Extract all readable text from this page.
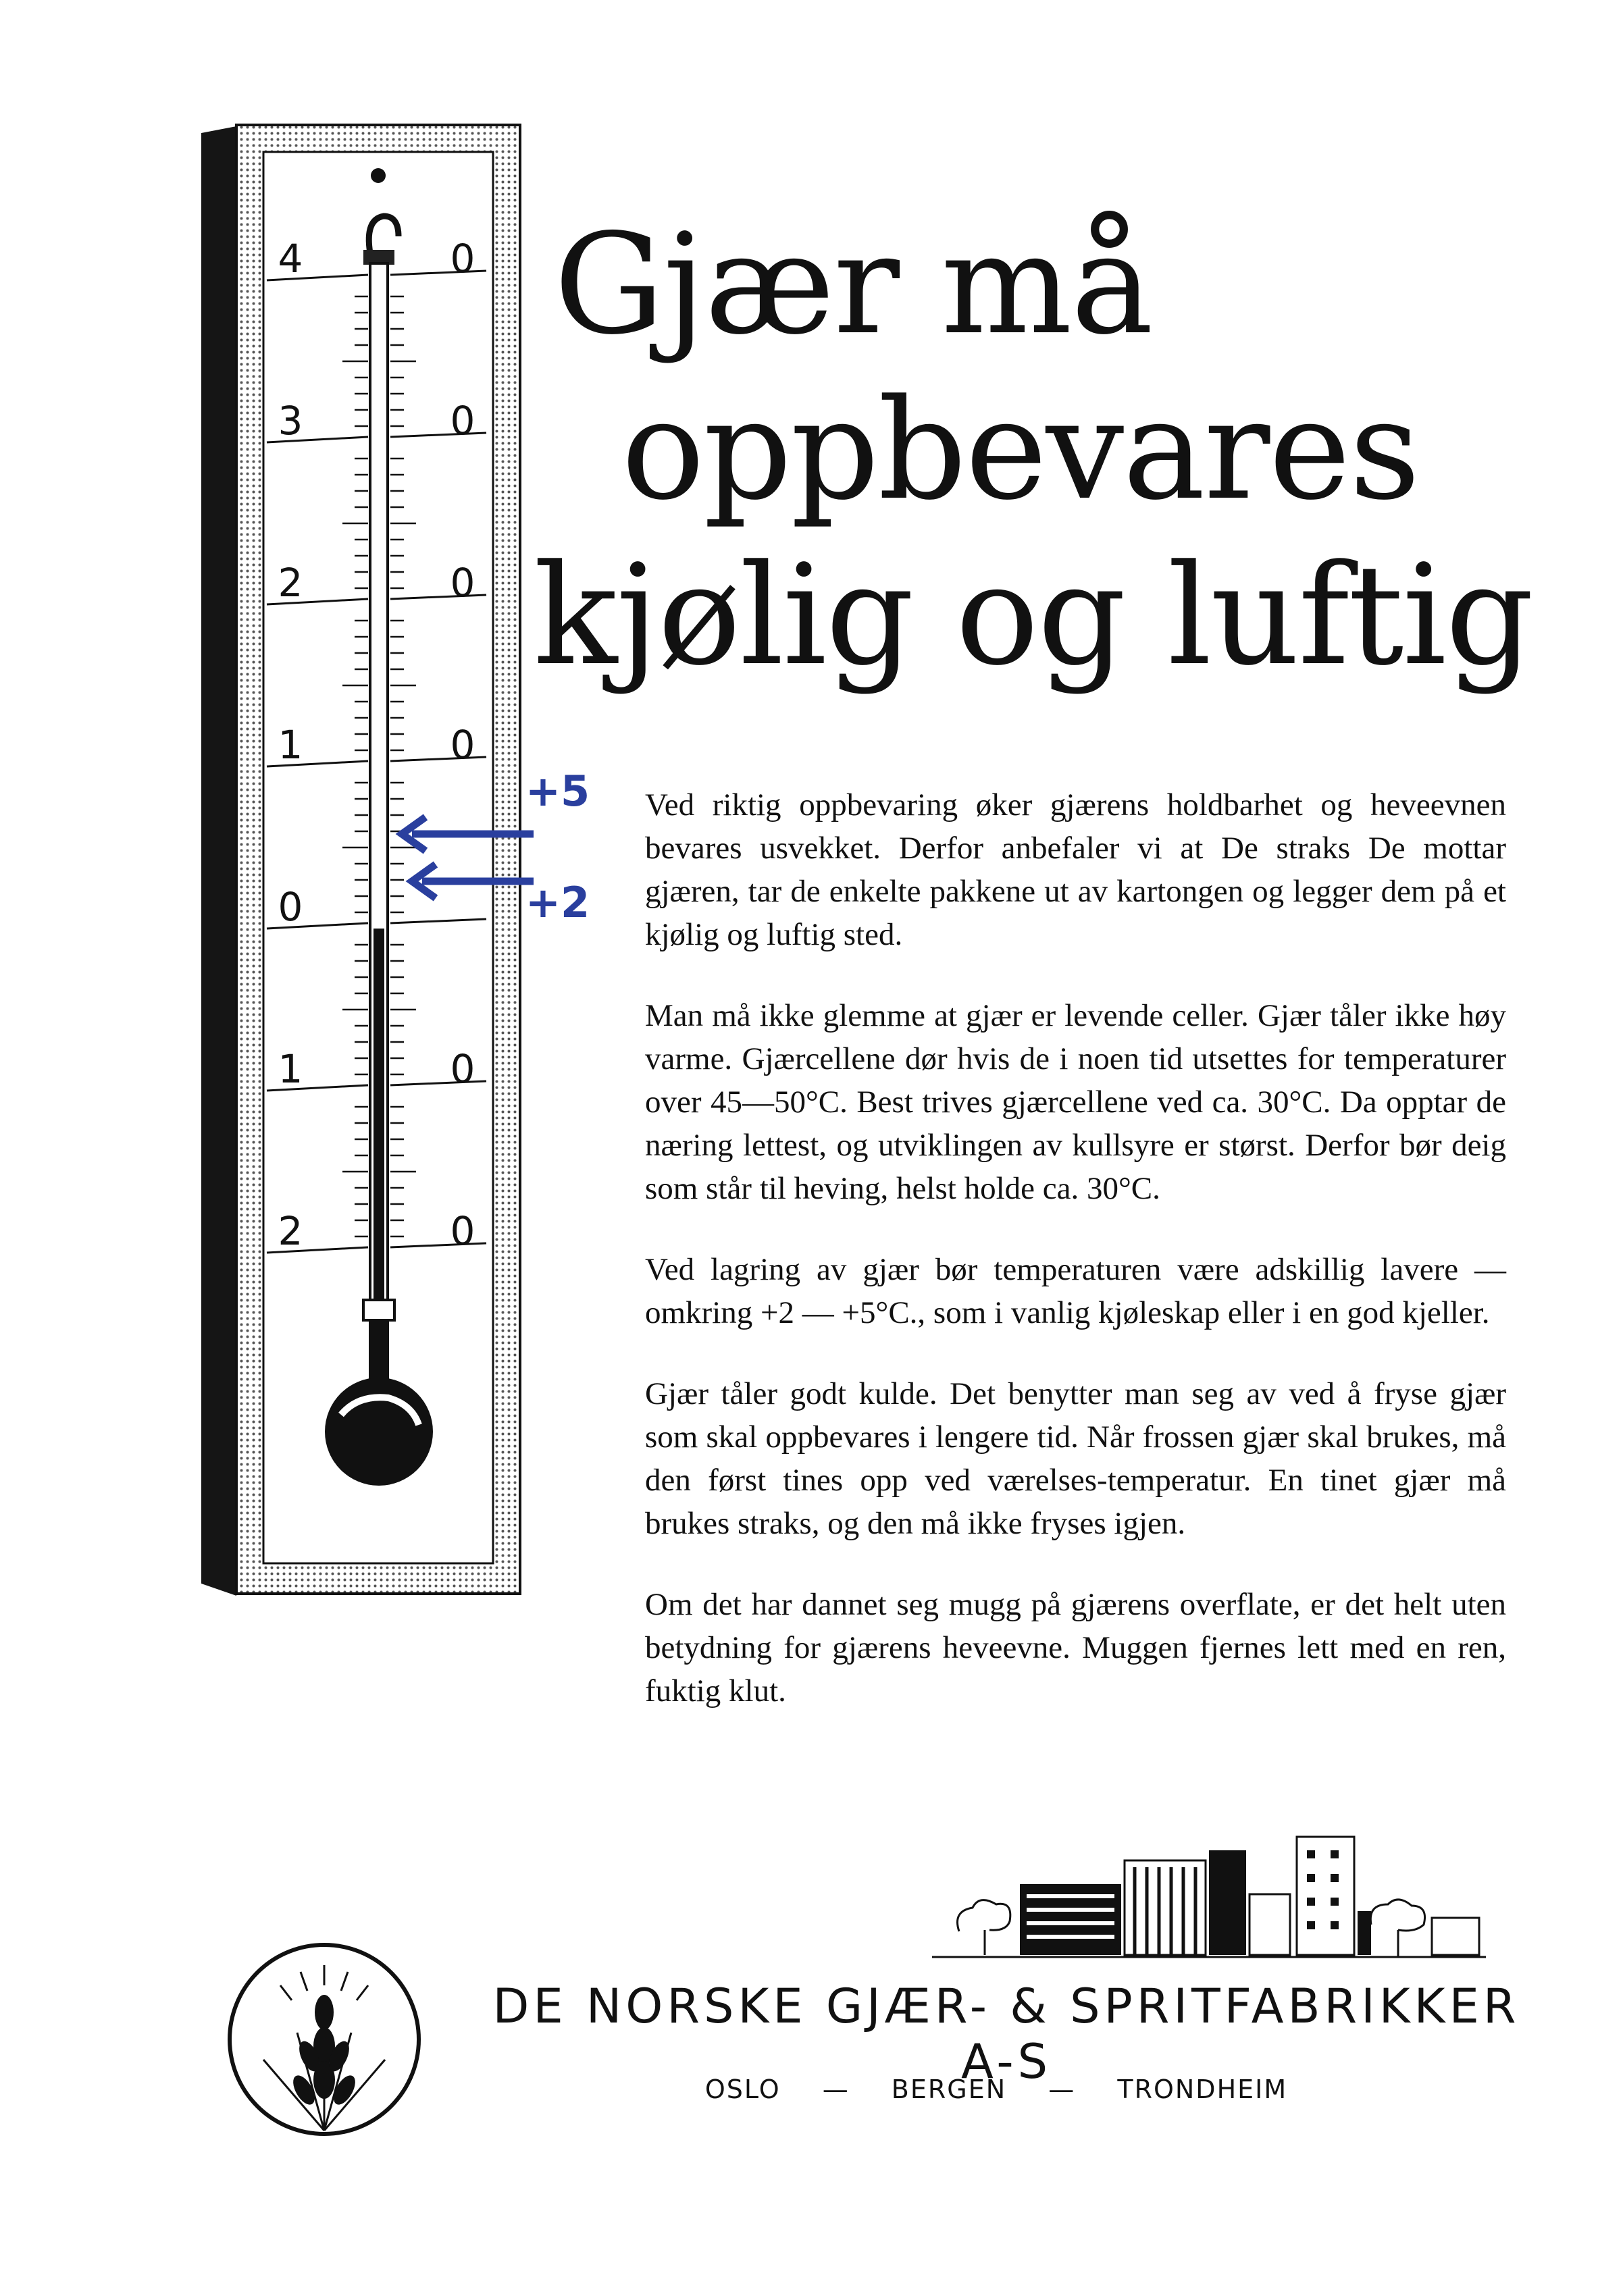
4	0
3	0
2	0
1	0
0
1	0
2	0
+5
+2
Gjær må
oppbevares
kjølig og luftig

Ved riktig oppbevaring øker gjærens holdbarhet og heveevnen bevares usvekket. Derfor anbefaler vi at De straks De mottar gjæren, tar de enkelte pakkene ut av kartongen og legger dem på et kjølig og luftig sted.

Man må ikke glemme at gjær er levende celler. Gjær tåler ikke høy varme. Gjærcellene dør hvis de i noen tid utsettes for temperaturer over 45—50°C. Best trives gjærcellene ved ca. 30°C. Da opptar de næring lettest, og utviklingen av kullsyre er størst. Derfor bør deig som står til heving, helst holde ca. 30°C.

Ved lagring av gjær bør temperaturen være adskillig lavere — omkring +2 — +5°C., som i vanlig kjøleskap eller i en god kjeller.

Gjær tåler godt kulde. Det benytter man seg av ved å fryse gjær som skal oppbevares i lengere tid. Når frossen gjær skal brukes, må den først tines opp ved værelses-temperatur. En tinet gjær må brukes straks, og den må ikke fryses igjen.

Om det har dannet seg mugg på gjærens overflate, er det helt uten betydning for gjærens heveevne. Muggen fjernes lett med en ren, fuktig klut.

DE NORSKE GJÆR- & SPRITFABRIKKER A-S
OSLO — BERGEN — TRONDHEIM
